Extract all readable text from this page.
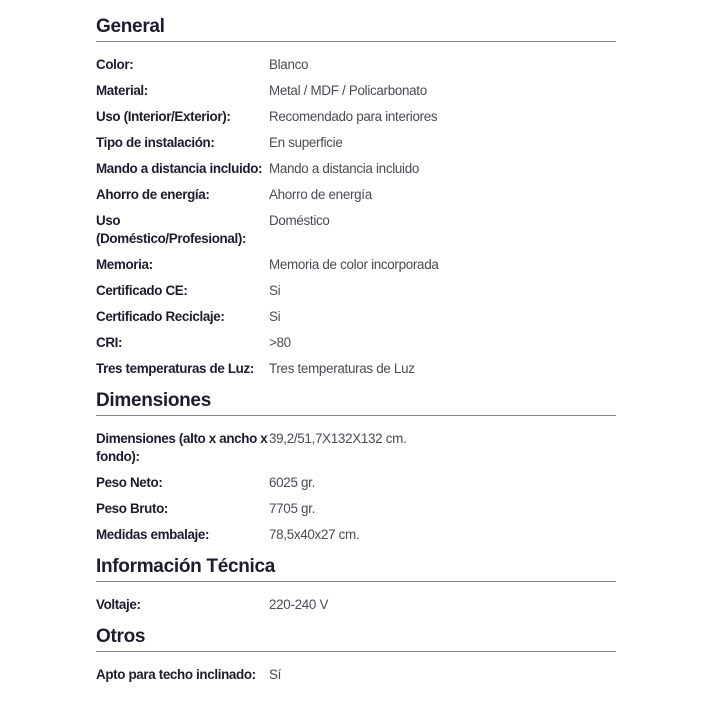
General
Color:	Blanco
Material:	Metal / MDF / Policarbonato
Uso (Interior/Exterior):	Recomendado para interiores
Tipo de instalación:	En superficie
Mando a distancia incluido:	Mando a distancia incluido
Ahorro de energía:	Ahorro de energía
Uso (Doméstico/Profesional):	Doméstico
Memoria:	Memoria de color incorporada
Certificado CE:	Si
Certificado Reciclaje:	Si
CRI:	>80
Tres temperaturas de Luz:	Tres temperaturas de Luz
Dimensiones
Dimensiones (alto x ancho x fondo):	39,2/51,7X132X132 cm.
Peso Neto:	6025 gr.
Peso Bruto:	7705 gr.
Medidas embalaje:	78,5x40x27 cm.
Información Técnica
Voltaje:	220-240 V
Otros
Apto para techo inclinado:	Sí
